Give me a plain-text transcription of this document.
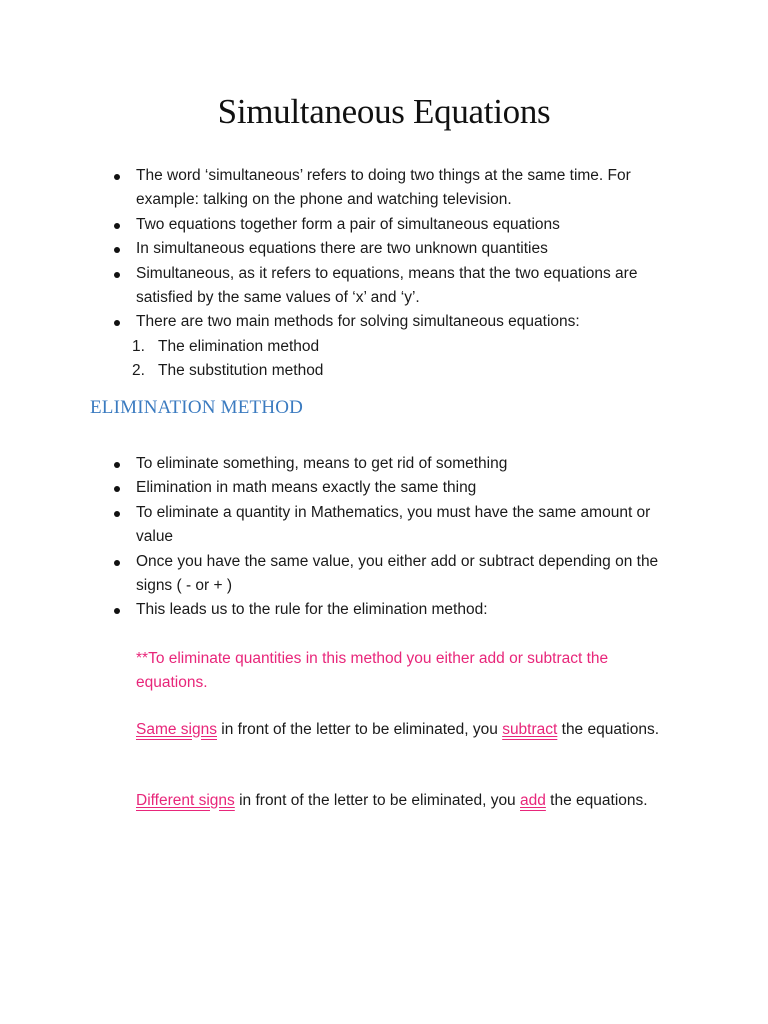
Simultaneous Equations
The word ‘simultaneous’ refers to doing two things at the same time. For example: talking on the phone and watching television.
Two equations together form a pair of simultaneous equations
In simultaneous equations there are two unknown quantities
Simultaneous, as it refers to equations, means that the two equations are satisfied by the same values of ‘x’ and ‘y’.
There are two main methods for solving simultaneous equations:
1. The elimination method
2. The substitution method
ELIMINATION METHOD
To eliminate something, means to get rid of something
Elimination in math means exactly the same thing
To eliminate a quantity in Mathematics, you must have the same amount or value
Once you have the same value, you either add or subtract depending on the signs ( - or + )
This leads us to the rule for the elimination method:
**To eliminate quantities in this method you either add or subtract the equations.
Same signs in front of the letter to be eliminated, you subtract the equations.
Different signs in front of the letter to be eliminated, you add the equations.
